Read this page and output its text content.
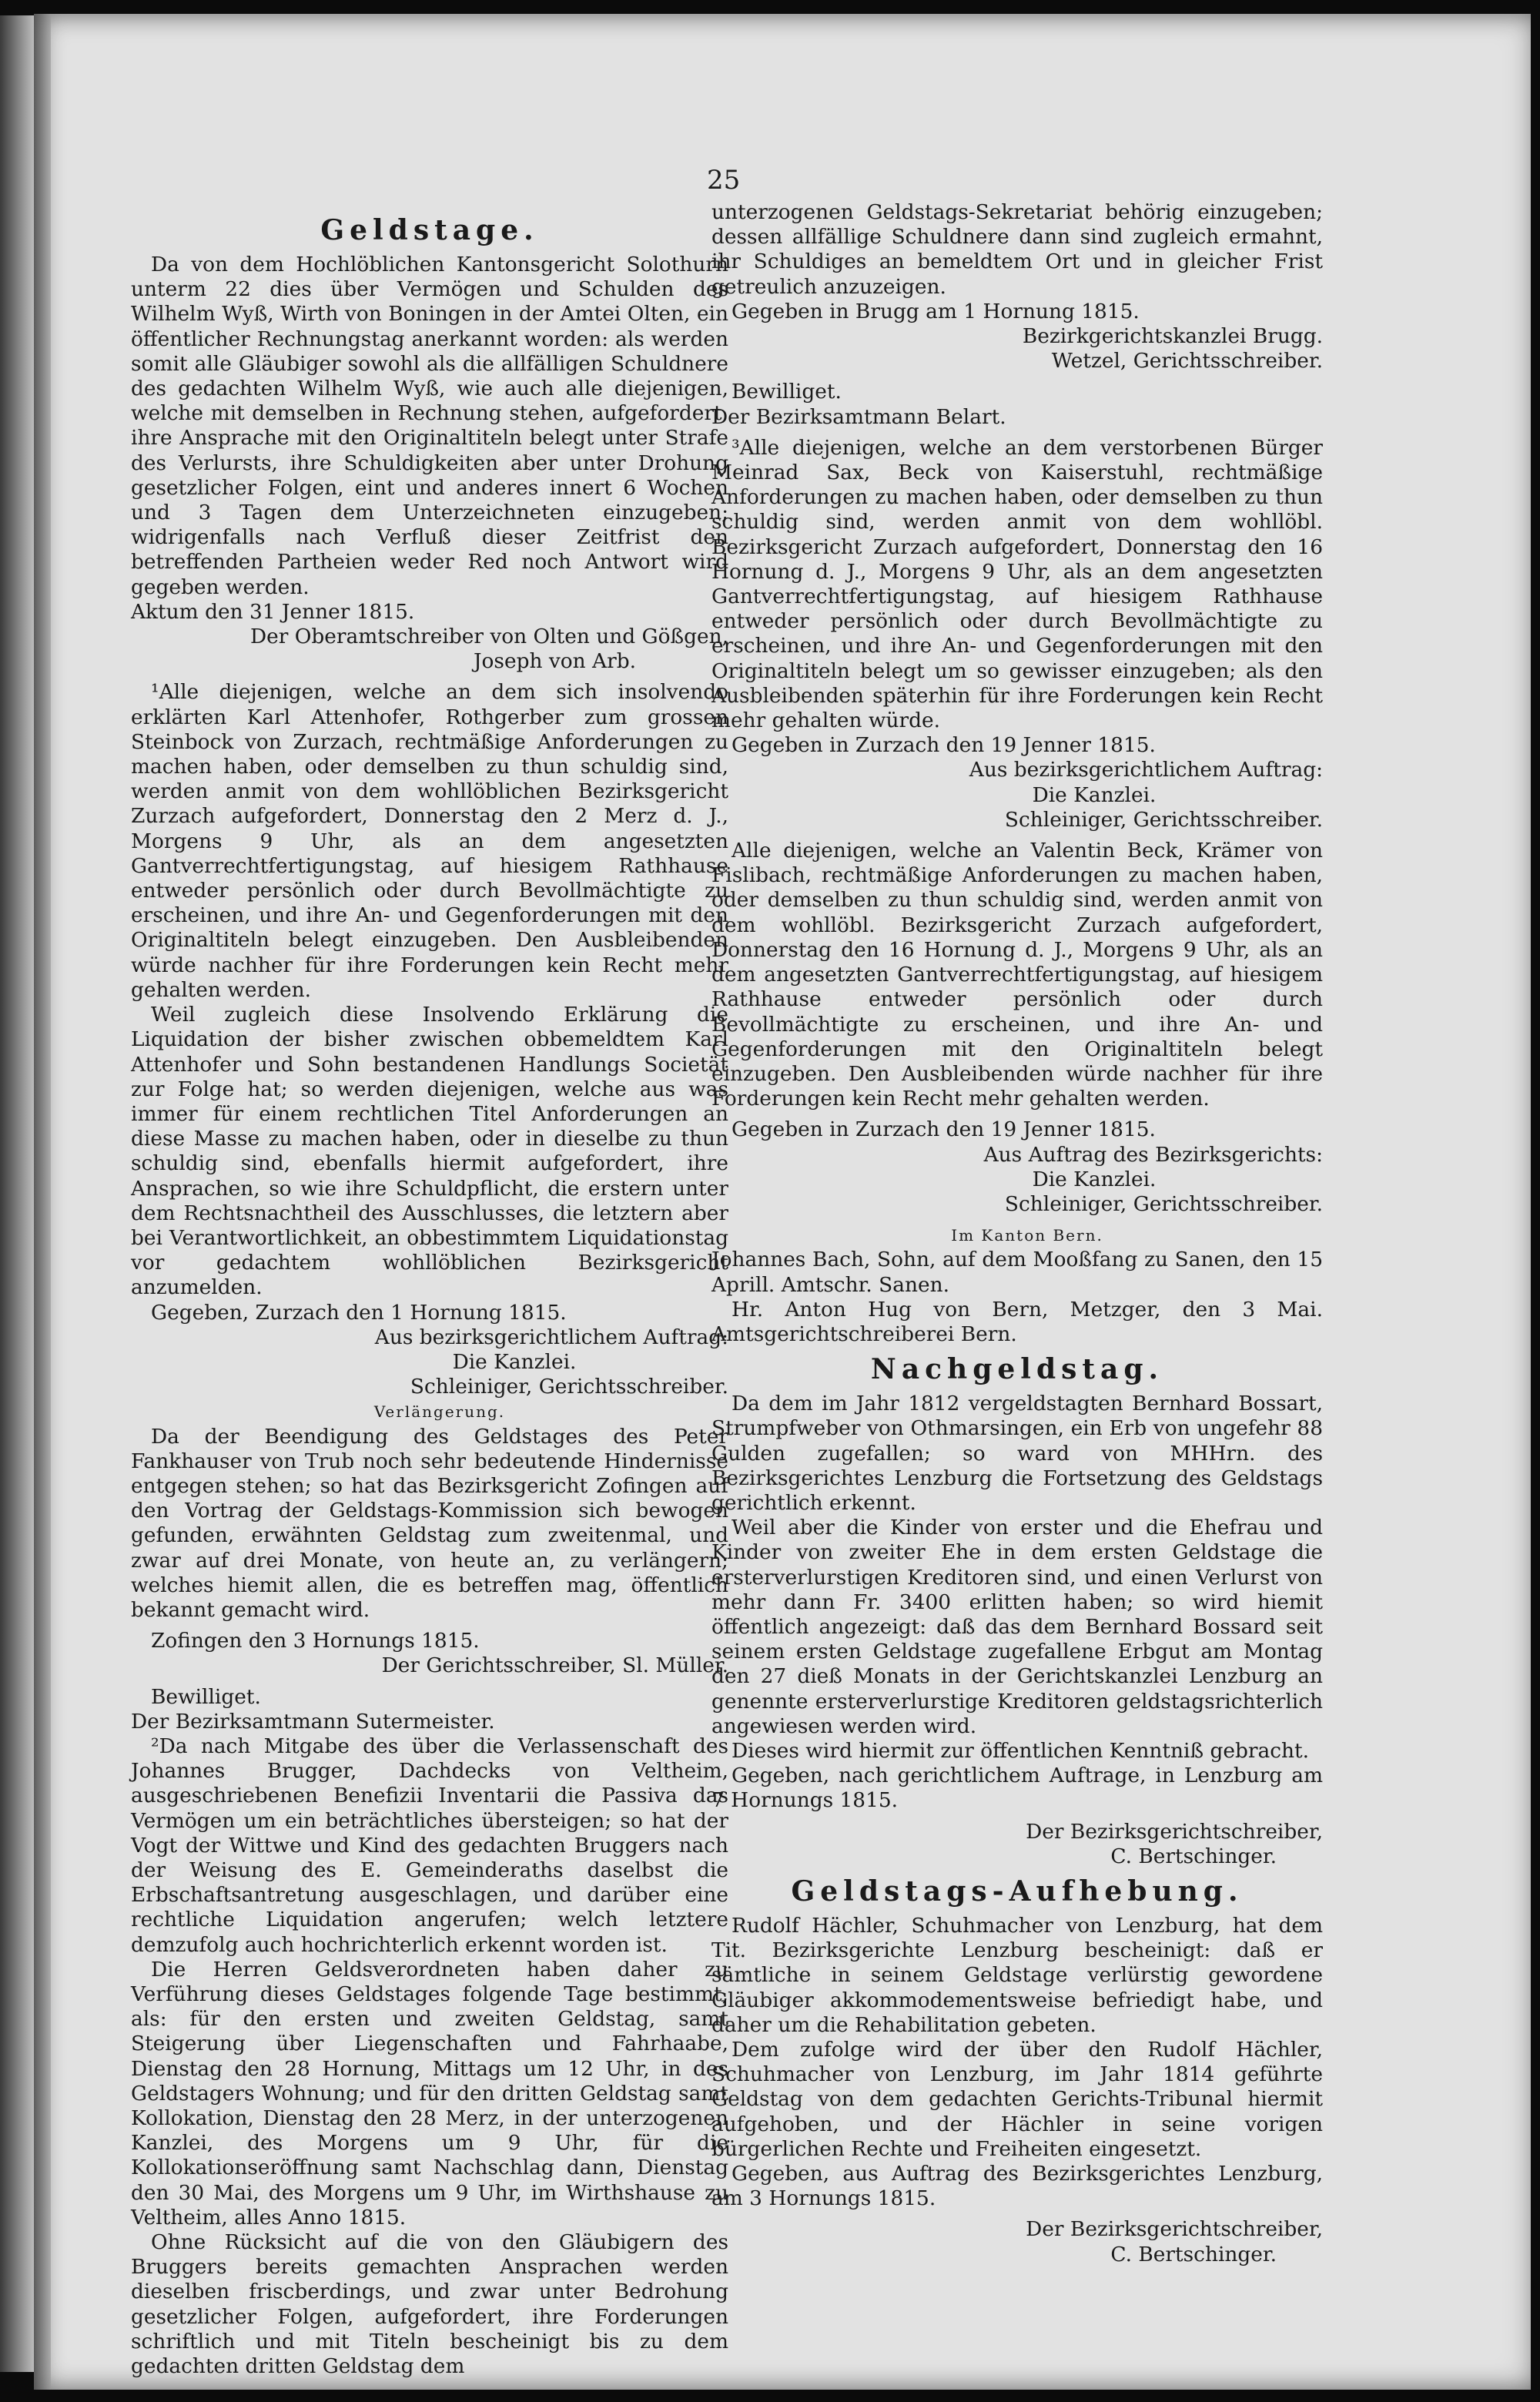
25
Geldstage.

Da von dem Hochlöblichen Kantonsgericht Solothurn unterm 22 dies über Vermögen und Schulden des Wilhelm Wyß, Wirth von Boningen in der Amtei Olten, ein öffentlicher Rechnungstag anerkannt worden: als werden somit alle Gläubiger sowohl als die allfälligen Schuldnere des gedachten Wilhelm Wyß, wie auch alle diejenigen, welche mit demselben in Rechnung stehen, aufgefordert, ihre Ansprache mit den Originaltiteln belegt unter Strafe des Verlursts, ihre Schuldigkeiten aber unter Drohung gesetzlicher Folgen, eint und anderes innert 6 Wochen und 3 Tagen dem Unterzeichneten einzugeben; widrigenfalls nach Verfluß dieser Zeitfrist den betreffenden Partheien weder Red noch Antwort wird gegeben werden.

Aktum den 31 Jenner 1815.

Der Oberamtschreiber von Olten und Gößgen,

Joseph von Arb.

¹Alle diejenigen, welche an dem sich insolvendo erklärten Karl Attenhofer, Rothgerber zum grossen Steinbock von Zurzach, rechtmäßige Anforderungen zu machen haben, oder demselben zu thun schuldig sind, werden anmit von dem wohllöblichen Bezirksgericht Zurzach aufgefordert, Donnerstag den 2 Merz d. J., Morgens 9 Uhr, als an dem angesetzten Gantverrechtfertigungstag, auf hiesigem Rathhause entweder persönlich oder durch Bevollmächtigte zu erscheinen, und ihre An- und Gegenforderungen mit den Originaltiteln belegt einzugeben. Den Ausbleibenden würde nachher für ihre Forderungen kein Recht mehr gehalten werden.

Weil zugleich diese Insolvendo Erklärung die Liquidation der bisher zwischen obbemeldtem Karl Attenhofer und Sohn bestandenen Handlungs Societät zur Folge hat; so werden diejenigen, welche aus was immer für einem rechtlichen Titel Anforderungen an diese Masse zu machen haben, oder in dieselbe zu thun schuldig sind, ebenfalls hiermit aufgefordert, ihre Ansprachen, so wie ihre Schuldpflicht, die erstern unter dem Rechtsnachtheil des Ausschlusses, die letztern aber bei Verantwortlichkeit, an obbestimmtem Liquidationstag vor gedachtem wohllöblichen Bezirksgericht anzumelden.

Gegeben, Zurzach den 1 Hornung 1815.

Aus bezirksgerichtlichem Auftrag:

Die Kanzlei.

Schleiniger, Gerichtsschreiber.

Verlängerung.

Da der Beendigung des Geldstages des Peter Fankhauser von Trub noch sehr bedeutende Hindernisse entgegen stehen; so hat das Bezirksgericht Zofingen auf den Vortrag der Geldstags-Kommission sich bewogen gefunden, erwähnten Geldstag zum zweitenmal, und zwar auf drei Monate, von heute an, zu verlängern; welches hiemit allen, die es betreffen mag, öffentlich bekannt gemacht wird.

Zofingen den 3 Hornungs 1815.

Der Gerichtsschreiber, Sl. Müller.

Bewilliget.

Der Bezirksamtmann Sutermeister.

²Da nach Mitgabe des über die Verlassenschaft des Johannes Brugger, Dachdecks von Veltheim, ausgeschriebenen Benefizii Inventarii die Passiva das Vermögen um ein beträchtliches übersteigen; so hat der Vogt der Wittwe und Kind des gedachten Bruggers nach der Weisung des E. Gemeinderaths daselbst die Erbschaftsantretung ausgeschlagen, und darüber eine rechtliche Liquidation angerufen; welch letztere demzufolg auch hochrichterlich erkennt worden ist.

Die Herren Geldsverordneten haben daher zu Verführung dieses Geldstages folgende Tage bestimmt, als: für den ersten und zweiten Geldstag, samt Steigerung über Liegenschaften und Fahrhaabe, Dienstag den 28 Hornung, Mittags um 12 Uhr, in des Geldstagers Wohnung; und für den dritten Geldstag samt Kollokation, Dienstag den 28 Merz, in der unterzogenen Kanzlei, des Morgens um 9 Uhr, für die Kollokationseröffnung samt Nachschlag dann, Dienstag den 30 Mai, des Morgens um 9 Uhr, im Wirthshause zu Veltheim, alles Anno 1815.

Ohne Rücksicht auf die von den Gläubigern des Bruggers bereits gemachten Ansprachen werden dieselben friscberdings, und zwar unter Bedrohung gesetzlicher Folgen, aufgefordert, ihre Forderungen schriftlich und mit Titeln bescheinigt bis zu dem gedachten dritten Geldstag dem

unterzogenen Geldstags-Sekretariat behörig einzugeben; dessen allfällige Schuldnere dann sind zugleich ermahnt, ihr Schuldiges an bemeldtem Ort und in gleicher Frist getreulich anzuzeigen.

Gegeben in Brugg am 1 Hornung 1815.

Bezirkgerichtskanzlei Brugg.

Wetzel, Gerichtsschreiber.

Bewilliget.

Der Bezirksamtmann Belart.

³Alle diejenigen, welche an dem verstorbenen Bürger Meinrad Sax, Beck von Kaiserstuhl, rechtmäßige Anforderungen zu machen haben, oder demselben zu thun schuldig sind, werden anmit von dem wohllöbl. Bezirksgericht Zurzach aufgefordert, Donnerstag den 16 Hornung d. J., Morgens 9 Uhr, als an dem angesetzten Gantverrechtfertigungstag, auf hiesigem Rathhause entweder persönlich oder durch Bevollmächtigte zu erscheinen, und ihre An- und Gegenforderungen mit den Originaltiteln belegt um so gewisser einzugeben; als den Ausbleibenden späterhin für ihre Forderungen kein Recht mehr gehalten würde.

Gegeben in Zurzach den 19 Jenner 1815.

Aus bezirksgerichtlichem Auftrag:

Die Kanzlei.

Schleiniger, Gerichtsschreiber.

Alle diejenigen, welche an Valentin Beck, Krämer von Fislibach, rechtmäßige Anforderungen zu machen haben, oder demselben zu thun schuldig sind, werden anmit von dem wohllöbl. Bezirksgericht Zurzach aufgefordert, Donnerstag den 16 Hornung d. J., Morgens 9 Uhr, als an dem angesetzten Gantverrechtfertigungstag, auf hiesigem Rathhause entweder persönlich oder durch Bevollmächtigte zu erscheinen, und ihre An- und Gegenforderungen mit den Originaltiteln belegt einzugeben. Den Ausbleibenden würde nachher für ihre Forderungen kein Recht mehr gehalten werden.

Gegeben in Zurzach den 19 Jenner 1815.

Aus Auftrag des Bezirksgerichts:

Die Kanzlei.

Schleiniger, Gerichtsschreiber.

Im Kanton Bern.

Johannes Bach, Sohn, auf dem Mooßfang zu Sanen, den 15 Aprill. Amtschr. Sanen.

Hr. Anton Hug von Bern, Metzger, den 3 Mai. Amtsgerichtschreiberei Bern.

Nachgeldstag.

Da dem im Jahr 1812 vergeldstagten Bernhard Bossart, Strumpfweber von Othmarsingen, ein Erb von ungefehr 88 Gulden zugefallen; so ward von MHHrn. des Bezirksgerichtes Lenzburg die Fortsetzung des Geldstags gerichtlich erkennt.

Weil aber die Kinder von erster und die Ehefrau und Kinder von zweiter Ehe in dem ersten Geldstage die ersterverlurstigen Kreditoren sind, und einen Verlurst von mehr dann Fr. 3400 erlitten haben; so wird hiemit öffentlich angezeigt: daß das dem Bernhard Bossard seit seinem ersten Geldstage zugefallene Erbgut am Montag den 27 dieß Monats in der Gerichtskanzlei Lenzburg an genennte ersterverlurstige Kreditoren geldstagsrichterlich angewiesen werden wird.

Dieses wird hiermit zur öffentlichen Kenntniß gebracht.

Gegeben, nach gerichtlichem Auftrage, in Lenzburg am 7 Hornungs 1815.

Der Bezirksgerichtschreiber,

C. Bertschinger.

Geldstags-Aufhebung.

Rudolf Hächler, Schuhmacher von Lenzburg, hat dem Tit. Bezirksgerichte Lenzburg bescheinigt: daß er sämtliche in seinem Geldstage verlürstig gewordene Gläubiger akkommodementsweise befriedigt habe, und daher um die Rehabilitation gebeten.

Dem zufolge wird der über den Rudolf Hächler, Schuhmacher von Lenzburg, im Jahr 1814 geführte Geldstag von dem gedachten Gerichts-Tribunal hiermit aufgehoben, und der Hächler in seine vorigen bürgerlichen Rechte und Freiheiten eingesetzt.

Gegeben, aus Auftrag des Bezirksgerichtes Lenzburg, am 3 Hornungs 1815.

Der Bezirksgerichtschreiber,

C. Bertschinger.
